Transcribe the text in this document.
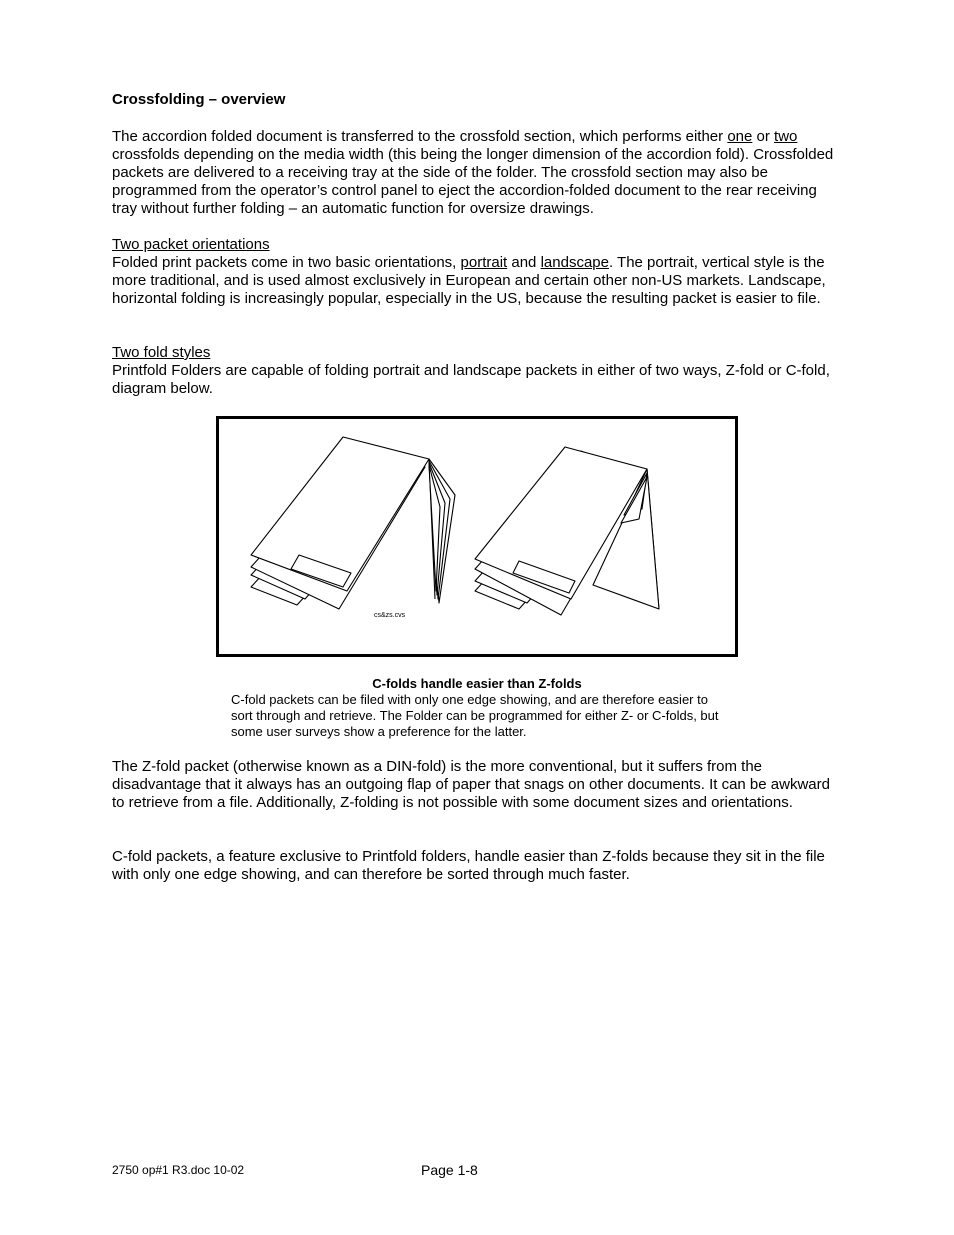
Crossfolding – overview

The accordion folded document is transferred to the crossfold section, which performs either one or two crossfolds depending on the media width (this being the longer dimension of the accordion fold). Crossfolded packets are delivered to a receiving tray at the side of the folder. The crossfold section may also be programmed from the operator’s control panel to eject the accordion-folded document to the rear receiving tray without further folding – an automatic function for oversize drawings.

Two packet orientations
Folded print packets come in two basic orientations, portrait and landscape. The portrait, vertical style is the more traditional, and is used almost exclusively in European and certain other non-US markets. Landscape, horizontal folding is increasingly popular, especially in the US, because the resulting packet is easier to file.

Two fold styles
Printfold Folders are capable of folding portrait and landscape packets in either of two ways, Z-fold or C-fold, diagram below.

cs&zs.cvs

C-folds handle easier than Z-folds

C-fold packets can be filed with only one edge showing, and are therefore easier to sort through and retrieve. The Folder can be programmed for either Z- or C-folds, but some user surveys show a preference for the latter.

The Z-fold packet (otherwise known as a DIN-fold) is the more conventional, but it suffers from the disadvantage that it always has an outgoing flap of paper that snags on other documents. It can be awkward to retrieve from a file. Additionally, Z-folding is not possible with some document sizes and orientations.

C-fold packets, a feature exclusive to Printfold folders, handle easier than Z-folds because they sit in the file with only one edge showing, and can therefore be sorted through much faster.

2750 op#1 R3.doc 10-02	Page 1-8
